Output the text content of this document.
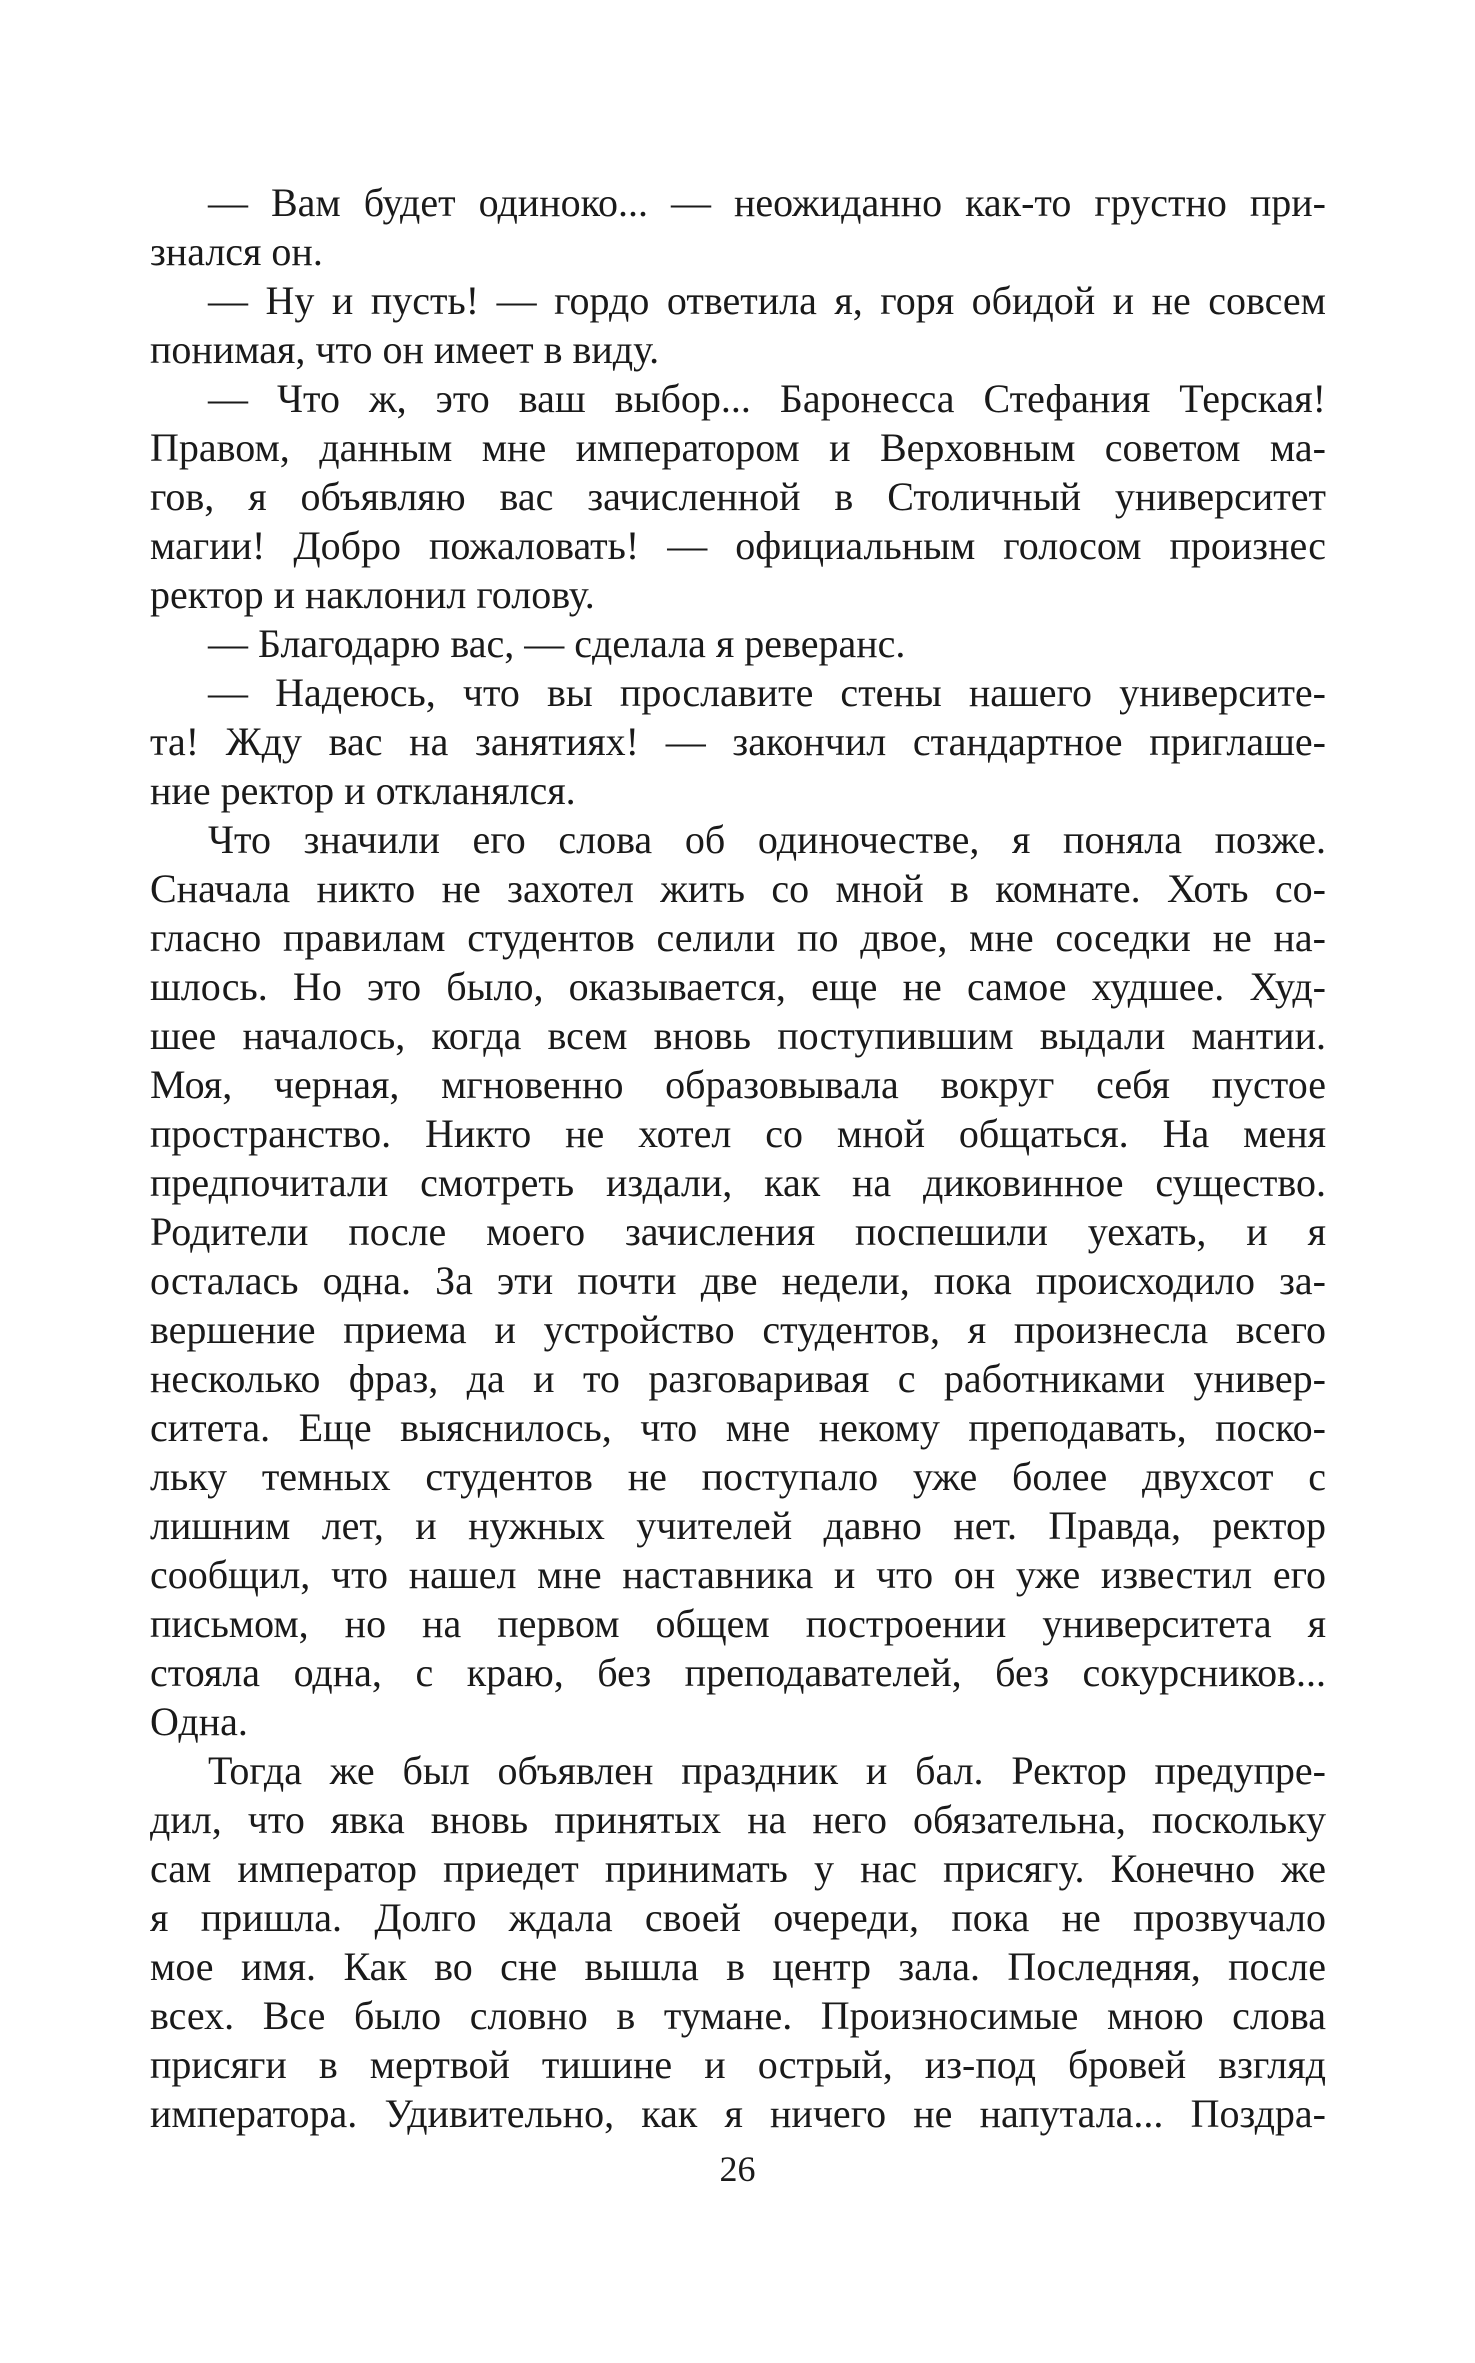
— Вам будет одиноко... — неожиданно как-то грустно при-
знался он.
— Ну и пусть! — гордо ответила я, горя обидой и не совсем
понимая, что он имеет в виду.
— Что ж, это ваш выбор... Баронесса Стефания Терская!
Правом, данным мне императором и Верховным советом ма-
гов, я объявляю вас зачисленной в Столичный университет
магии! Добро пожаловать! — официальным голосом произнес
ректор и наклонил голову.
— Благодарю вас, — сделала я реверанс.
— Надеюсь, что вы прославите стены нашего университе-
та! Жду вас на занятиях! — закончил стандартное приглаше-
ние ректор и откланялся.
Что значили его слова об одиночестве, я поняла позже.
Сначала никто не захотел жить со мной в комнате. Хоть со-
гласно правилам студентов селили по двое, мне соседки не на-
шлось. Но это было, оказывается, еще не самое худшее. Худ-
шее началось, когда всем вновь поступившим выдали мантии.
Моя, черная, мгновенно образовывала вокруг себя пустое
пространство. Никто не хотел со мной общаться. На меня
предпочитали смотреть издали, как на диковинное существо.
Родители после моего зачисления поспешили уехать, и я
осталась одна. За эти почти две недели, пока происходило за-
вершение приема и устройство студентов, я произнесла всего
несколько фраз, да и то разговаривая с работниками универ-
ситета. Еще выяснилось, что мне некому преподавать, поско-
льку темных студентов не поступало уже более двухсот с
лишним лет, и нужных учителей давно нет. Правда, ректор
сообщил, что нашел мне наставника и что он уже известил его
письмом, но на первом общем построении университета я
стояла одна, с краю, без преподавателей, без сокурсников...
Одна.
Тогда же был объявлен праздник и бал. Ректор предупре-
дил, что явка вновь принятых на него обязательна, поскольку
сам император приедет принимать у нас присягу. Конечно же
я пришла. Долго ждала своей очереди, пока не прозвучало
мое имя. Как во сне вышла в центр зала. Последняя, после
всех. Все было словно в тумане. Произносимые мною слова
присяги в мертвой тишине и острый, из-под бровей взгляд
императора. Удивительно, как я ничего не напутала... Поздра-
26
